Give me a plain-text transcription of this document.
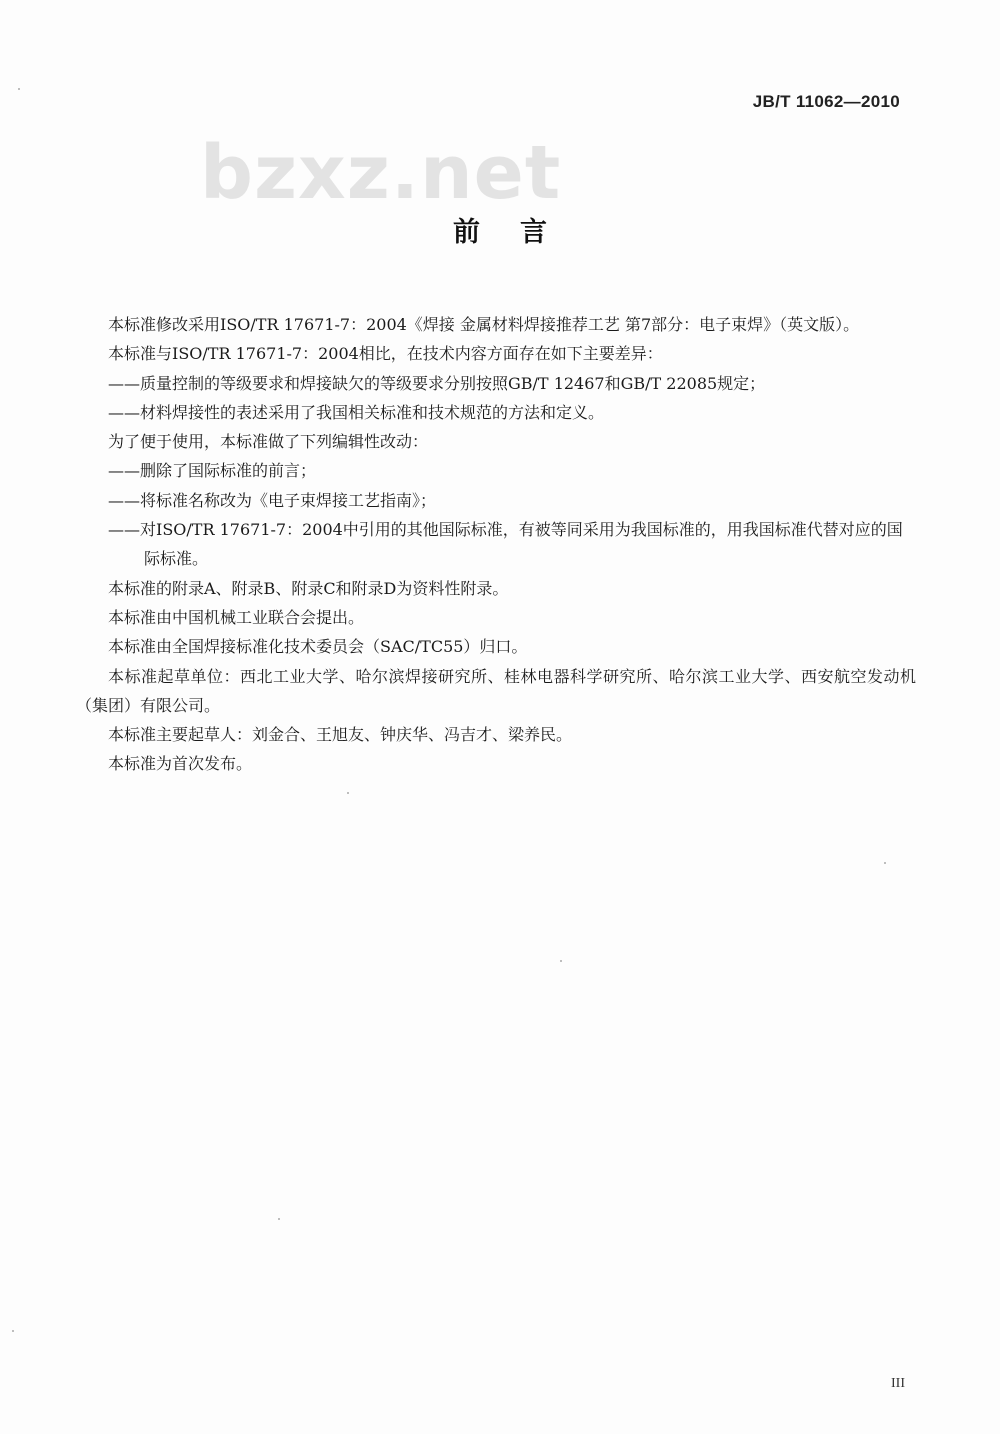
bzxz.net
JB/T 11062—2010
前言

本标准修改采用ISO/TR 17671-7：2004《焊接 金属材料焊接推荐工艺 第7部分：电子束焊》（英文版）。

本标准与ISO/TR 17671-7：2004相比，在技术内容方面存在如下主要差异：

——质量控制的等级要求和焊接缺欠的等级要求分别按照GB/T 12467和GB/T 22085规定；

——材料焊接性的表述采用了我国相关标准和技术规范的方法和定义。

为了便于使用，本标准做了下列编辑性改动：

——删除了国际标准的前言；

——将标准名称改为《电子束焊接工艺指南》；

——对ISO/TR 17671-7：2004中引用的其他国际标准，有被等同采用为我国标准的，用我国标准代替对应的国际标准。

本标准的附录A、附录B、附录C和附录D为资料性附录。

本标准由中国机械工业联合会提出。

本标准由全国焊接标准化技术委员会（SAC/TC55）归口。

本标准起草单位：西北工业大学、哈尔滨焊接研究所、桂林电器科学研究所、哈尔滨工业大学、西安航空发动机（集团）有限公司。

本标准主要起草人：刘金合、王旭友、钟庆华、冯吉才、梁养民。

本标准为首次发布。

III
